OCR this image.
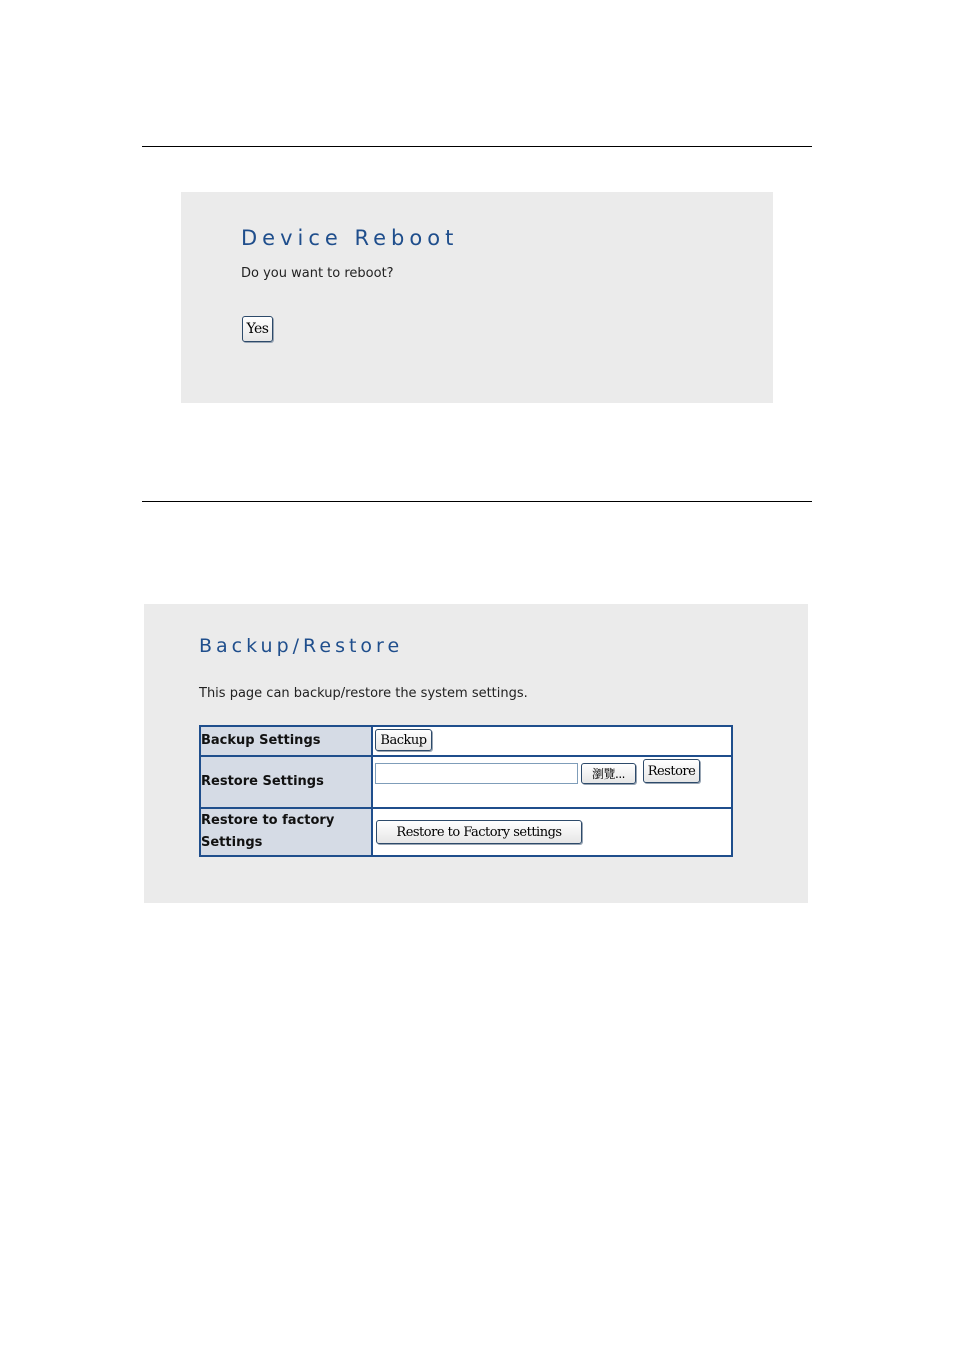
Device Reboot

Do you want to reboot?

Yes
Backup/Restore

This page can backup/restore the system settings.

Backup Settings	Backup

Restore Settings	瀏覽... Restore

Restore to factory
Settings	Restore to Factory settings
